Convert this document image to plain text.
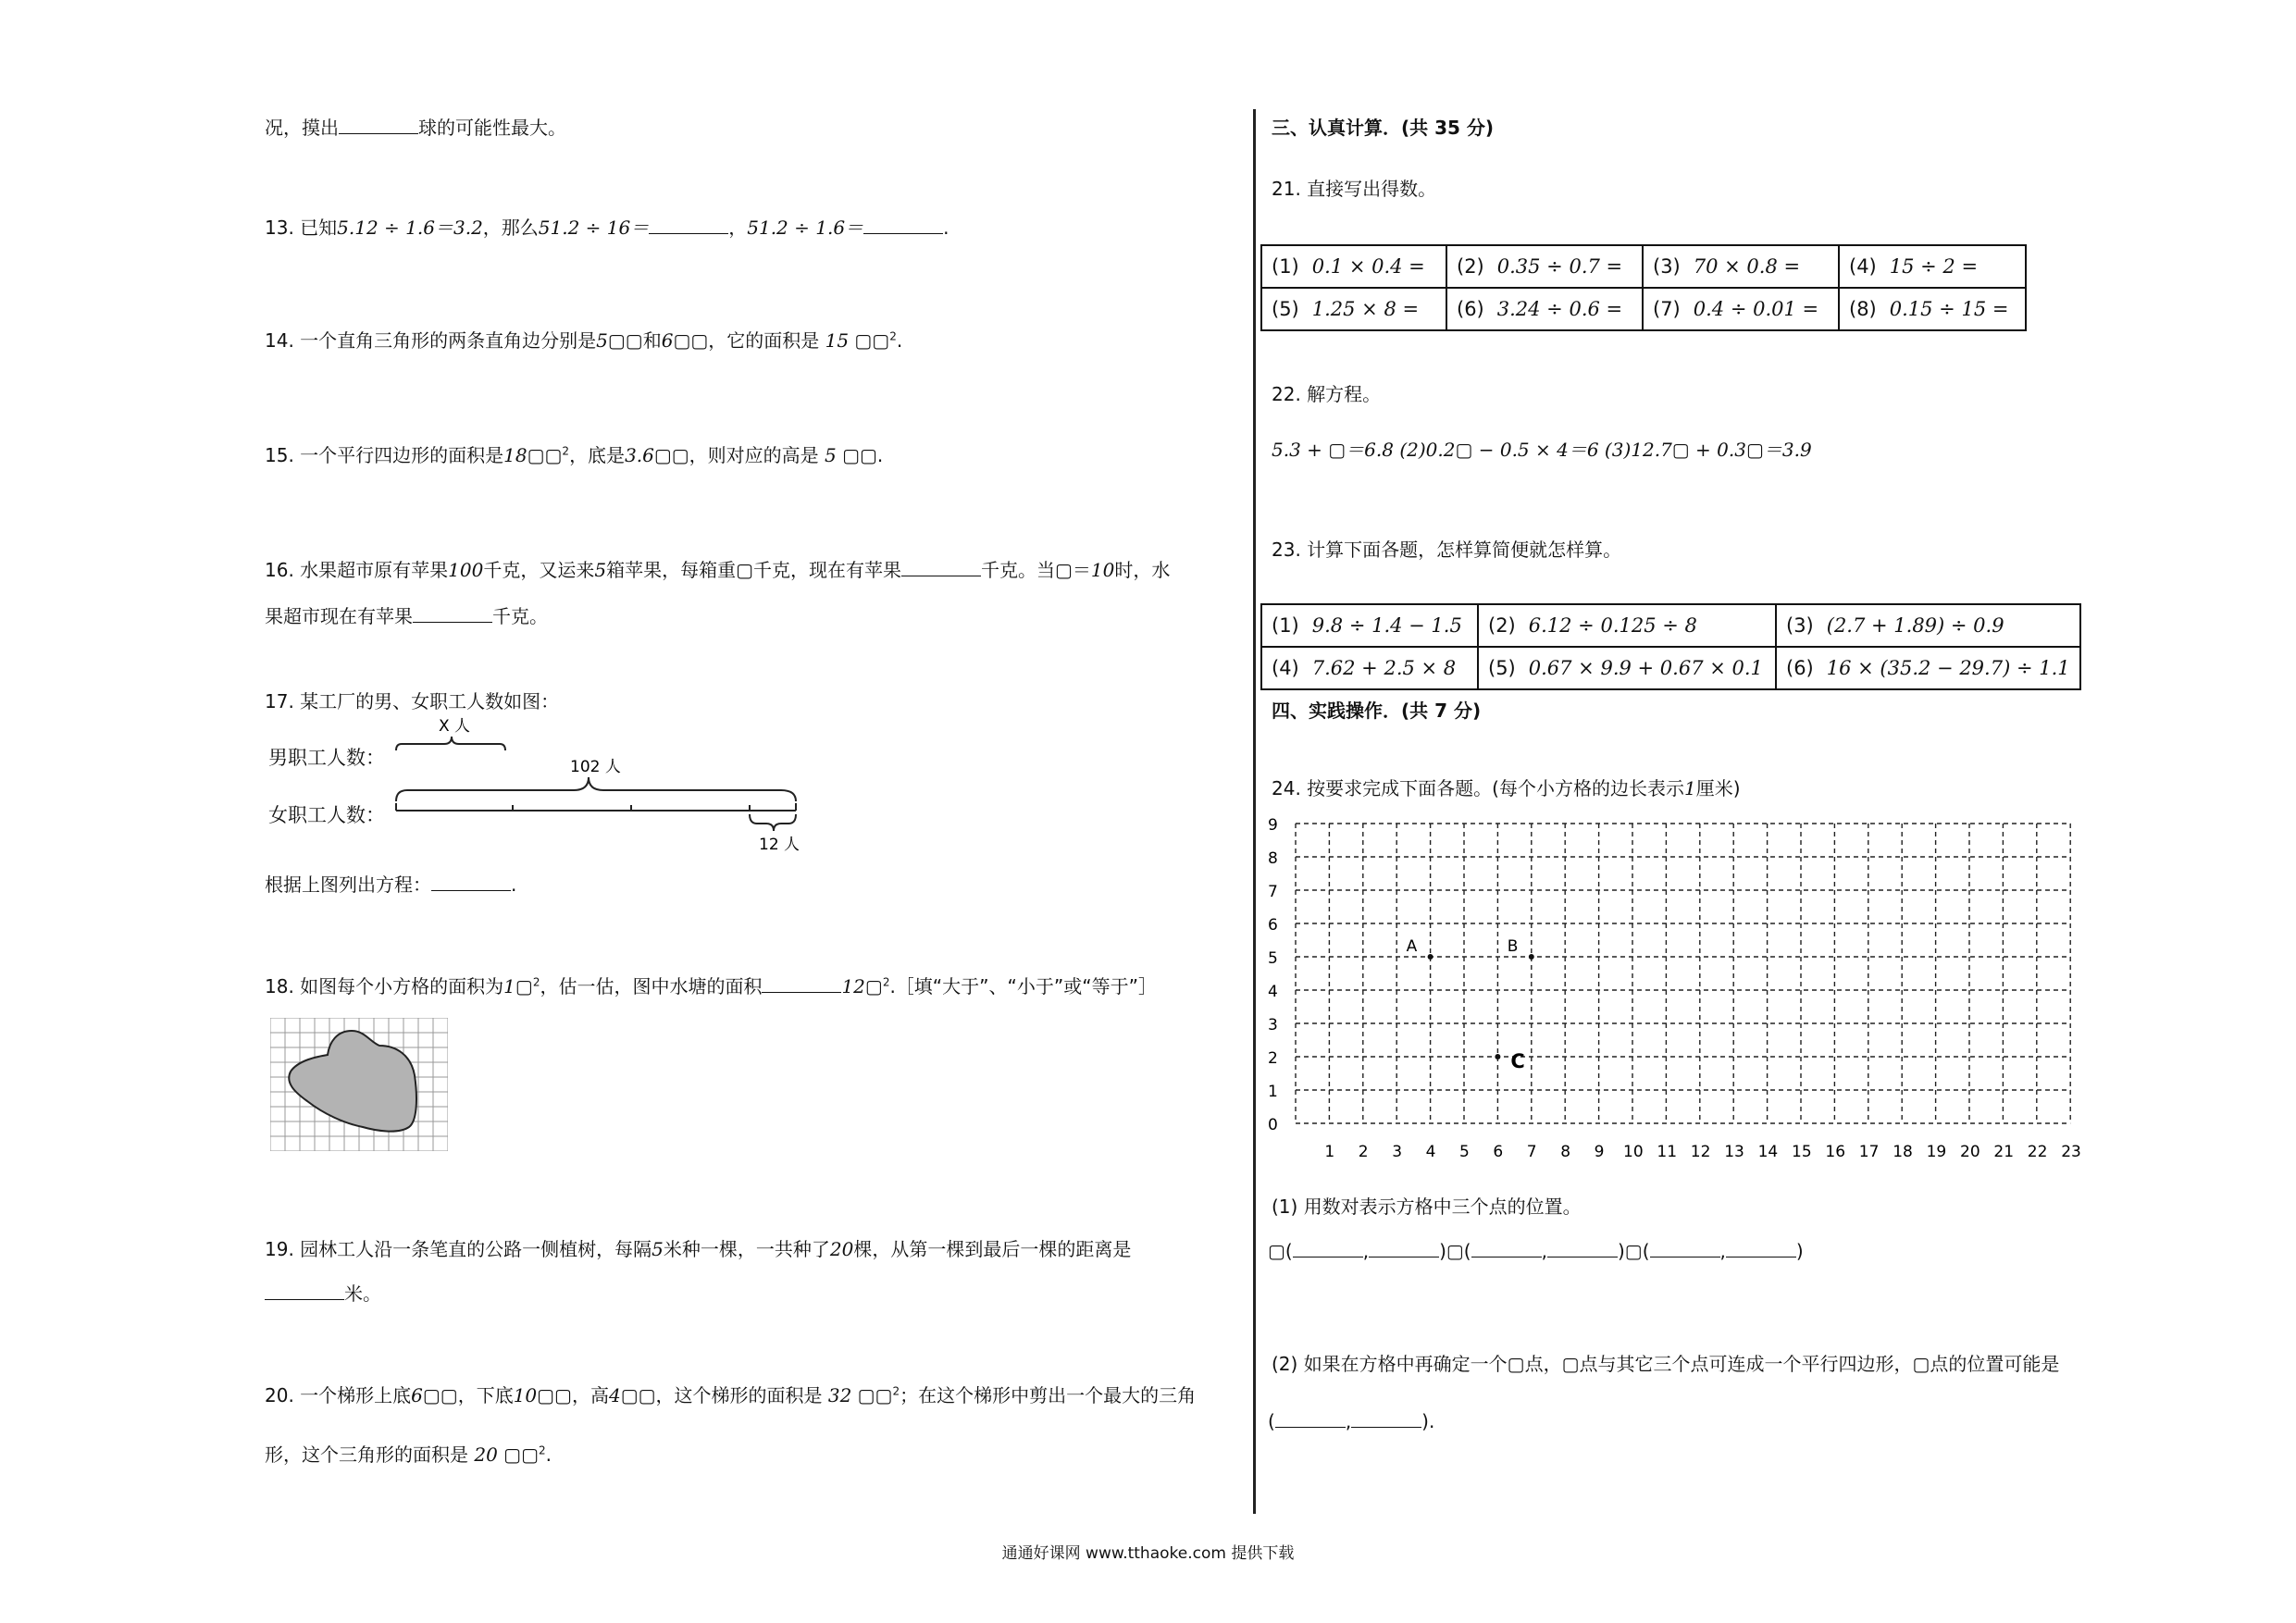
况，摸出	球的可能性最大。
13. 已知5.12 ÷ 1.6＝3.2，那么51.2 ÷ 16＝	，51.2 ÷ 1.6＝	.
14. 一个直角三角形的两条直角边分别是5▢▢和6▢▢，它的面积是 15 ▢▢$^2$.
15. 一个平行四边形的面积是18▢▢$^2$，底是3.6▢▢，则对应的高是 5 ▢▢.
16. 水果超市原有苹果100千克，又运来5箱苹果，每箱重▢千克，现在有苹果	千克。当▢＝10时，水
果超市现在有苹果	千克。
17. 某工厂的男、女职工人数如图：
男职工人数：
女职工人数：
X 人
102 人
12 人
根据上图列出方程：	.
18. 如图每个小方格的面积为1▢$^2$，估一估，图中水塘的面积	12▢$^2$.［填“大于”、“小于”或“等于”］
19. 园林工人沿一条笔直的公路一侧植树，每隔5米种一棵，一共种了20棵，从第一棵到最后一棵的距离是
米。
20. 一个梯形上底6▢▢，下底10▢▢，高4▢▢，这个梯形的面积是 32 ▢▢$^2$；在这个梯形中剪出一个最大的三角
形，这个三角形的面积是 20 ▢▢$^2$.
三、认真计算．(共 35 分)
21. 直接写出得数。
(1) 0.1 × 0.4 =	(2) 0.35 ÷ 0.7 =	(3) 70 × 0.8 =	(4) 15 ÷ 2 =
(5) 1.25 × 8 =	(6) 3.24 ÷ 0.6 =	(7) 0.4 ÷ 0.01 =	(8) 0.15 ÷ 15 =
22. 解方程。
5.3 + ▢＝6.8 (2)0.2▢ − 0.5 × 4＝6 (3)12.7▢ + 0.3▢＝3.9
23. 计算下面各题，怎样算简便就怎样算。
(1) 9.8 ÷ 1.4 − 1.5	(2) 6.12 ÷ 0.125 ÷ 8	(3) (2.7 + 1.89) ÷ 0.9
(4) 7.62 + 2.5 × 8	(5) 0.67 × 9.9 + 0.67 × 0.1	(6) 16 × (35.2 − 29.7) ÷ 1.1
四、实践操作．(共 7 分)
24. 按要求完成下面各题。(每个小方格的边长表示1厘米)
9
8
7
6
5
4
3
2
1
0
1 2 3 4 5 6 7 8 9 10 11 12 13 14 15 16 17 18 19 20 21 22 23
A	B
C
(1) 用数对表示方格中三个点的位置。
▢(	,	)▢(	,	)▢(	,	)
(2) 如果在方格中再确定一个▢点，▢点与其它三个点可连成一个平行四边形，▢点的位置可能是
(	,	).
通通好课网 www.tthaoke.com 提供下载
